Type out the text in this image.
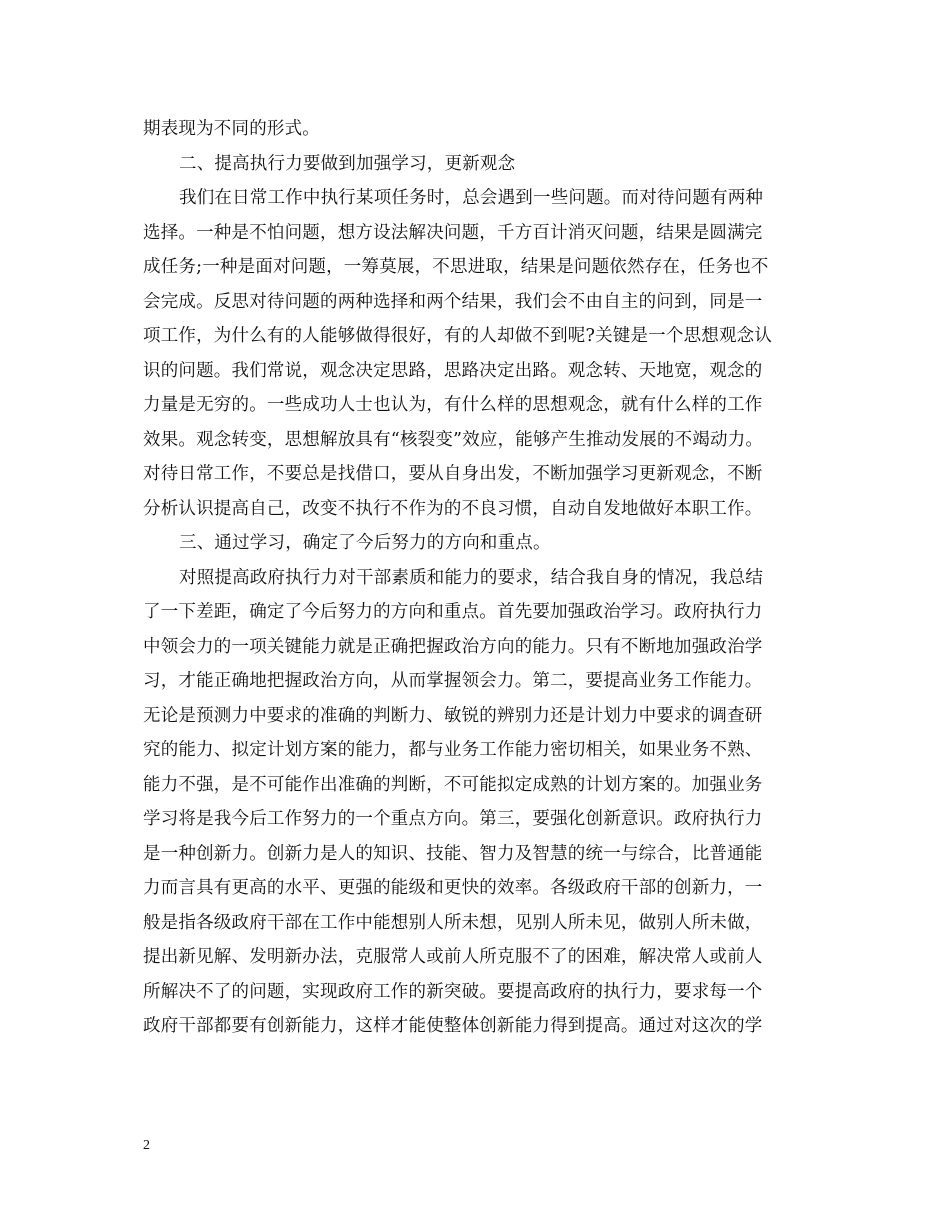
期表现为不同的形式。
二、提高执行力要做到加强学习，更新观念
我们在日常工作中执行某项任务时，总会遇到一些问题。而对待问题有两种
选择。一种是不怕问题，想方设法解决问题，千方百计消灭问题，结果是圆满完
成任务;一种是面对问题，一筹莫展，不思进取，结果是问题依然存在，任务也不
会完成。反思对待问题的两种选择和两个结果，我们会不由自主的问到，同是一
项工作，为什么有的人能够做得很好，有的人却做不到呢?关键是一个思想观念认
识的问题。我们常说，观念决定思路，思路决定出路。观念转、天地宽，观念的
力量是无穷的。一些成功人士也认为，有什么样的思想观念，就有什么样的工作
效果。观念转变，思想解放具有“核裂变”效应，能够产生推动发展的不竭动力。
对待日常工作，不要总是找借口，要从自身出发，不断加强学习更新观念，不断
分析认识提高自己，改变不执行不作为的不良习惯，自动自发地做好本职工作。
三、通过学习，确定了今后努力的方向和重点。
对照提高政府执行力对干部素质和能力的要求，结合我自身的情况，我总结
了一下差距，确定了今后努力的方向和重点。首先要加强政治学习。政府执行力
中领会力的一项关键能力就是正确把握政治方向的能力。只有不断地加强政治学
习，才能正确地把握政治方向，从而掌握领会力。第二，要提高业务工作能力。
无论是预测力中要求的准确的判断力、敏锐的辨别力还是计划力中要求的调查研
究的能力、拟定计划方案的能力，都与业务工作能力密切相关，如果业务不熟、
能力不强，是不可能作出准确的判断，不可能拟定成熟的计划方案的。加强业务
学习将是我今后工作努力的一个重点方向。第三，要强化创新意识。政府执行力
是一种创新力。创新力是人的知识、技能、智力及智慧的统一与综合，比普通能
力而言具有更高的水平、更强的能级和更快的效率。各级政府干部的创新力，一
般是指各级政府干部在工作中能想别人所未想，见别人所未见，做别人所未做，
提出新见解、发明新办法，克服常人或前人所克服不了的困难，解决常人或前人
所解决不了的问题，实现政府工作的新突破。要提高政府的执行力，要求每一个
政府干部都要有创新能力，这样才能使整体创新能力得到提高。通过对这次的学
2
